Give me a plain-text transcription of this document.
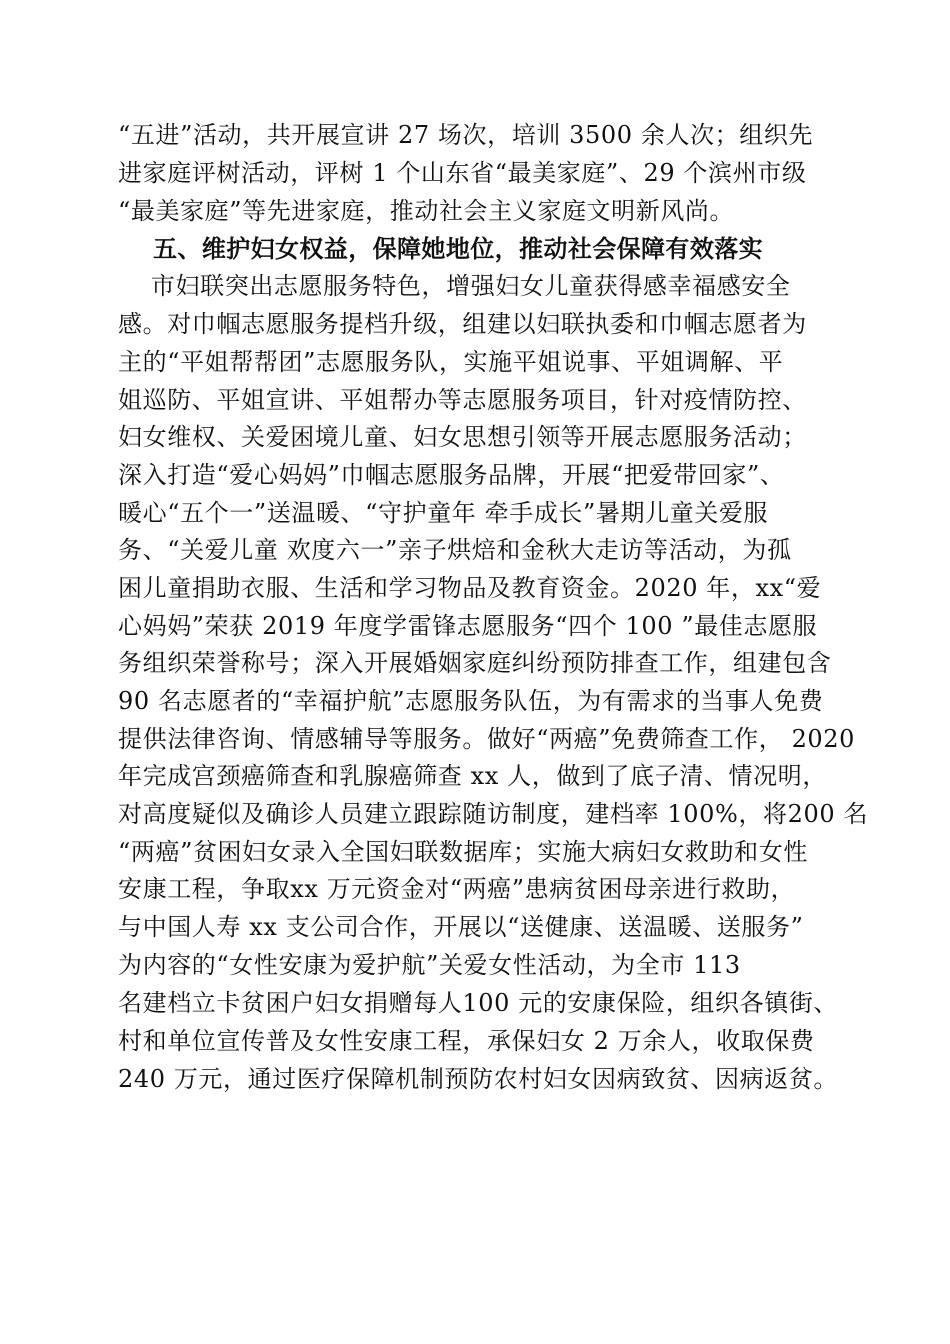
“五进”活动，共开展宣讲 27 场次，培训 3500 余人次；组织先
进家庭评树活动，评树 1 个山东省“最美家庭”、29 个滨州市级
“最美家庭”等先进家庭，推动社会主义家庭文明新风尚。
五、维护妇女权益，保障她地位，推动社会保障有效落实
市妇联突出志愿服务特色，增强妇女儿童获得感幸福感安全
感。对巾帼志愿服务提档升级，组建以妇联执委和巾帼志愿者为
主的“平姐帮帮团”志愿服务队，实施平姐说事、平姐调解、平
姐巡防、平姐宣讲、平姐帮办等志愿服务项目，针对疫情防控、
妇女维权、关爱困境儿童、妇女思想引领等开展志愿服务活动；
深入打造“爱心妈妈”巾帼志愿服务品牌，开展“把爱带回家”、
暖心“五个一”送温暖、“守护童年 牵手成长”暑期儿童关爱服
务、“关爱儿童 欢度六一”亲子烘焙和金秋大走访等活动，为孤
困儿童捐助衣服、生活和学习物品及教育资金。2020 年，xx“爱
心妈妈”荣获 2019 年度学雷锋志愿服务“四个 100 ”最佳志愿服
务组织荣誉称号；深入开展婚姻家庭纠纷预防排查工作，组建包含
90 名志愿者的“幸福护航”志愿服务队伍，为有需求的当事人免费
提供法律咨询、情感辅导等服务。做好“两癌”免费筛查工作， 2020
年完成宫颈癌筛查和乳腺癌筛查 xx 人，做到了底子清、情况明，
对高度疑似及确诊人员建立跟踪随访制度，建档率 100%，将200 名
“两癌”贫困妇女录入全国妇联数据库；实施大病妇女救助和女性
安康工程，争取xx 万元资金对“两癌”患病贫困母亲进行救助，
与中国人寿 xx 支公司合作，开展以“送健康、送温暖、送服务”
为内容的“女性安康为爱护航”关爱女性活动，为全市 113
名建档立卡贫困户妇女捐赠每人100 元的安康保险，组织各镇街、
村和单位宣传普及女性安康工程，承保妇女 2 万余人，收取保费
240 万元，通过医疗保障机制预防农村妇女因病致贫、因病返贫。
